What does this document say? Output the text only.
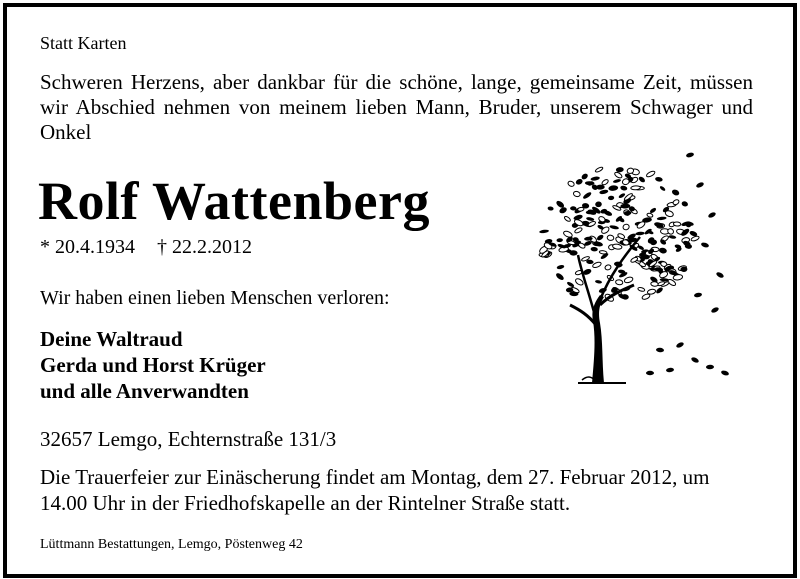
Statt Karten

Schweren Herzens, aber dankbar für die schöne, lange, gemeinsame Zeit, müssen wir Abschied nehmen von meinem lieben Mann, Bruder, unserem Schwager und Onkel

Rolf Wattenberg

* 20.4.1934 † 22.2.2012

Wir haben einen lieben Menschen verloren:

Deine Waltraud

Gerda und Horst Krüger

und alle Anverwandten

32657 Lemgo, Echternstraße 131/3

Die Trauerfeier zur Einäscherung findet am Montag, dem 27. Februar 2012, um 14.00 Uhr in der Friedhofskapelle an der Rintelner Straße statt.

Lüttmann Bestattungen, Lemgo, Pöstenweg 42
